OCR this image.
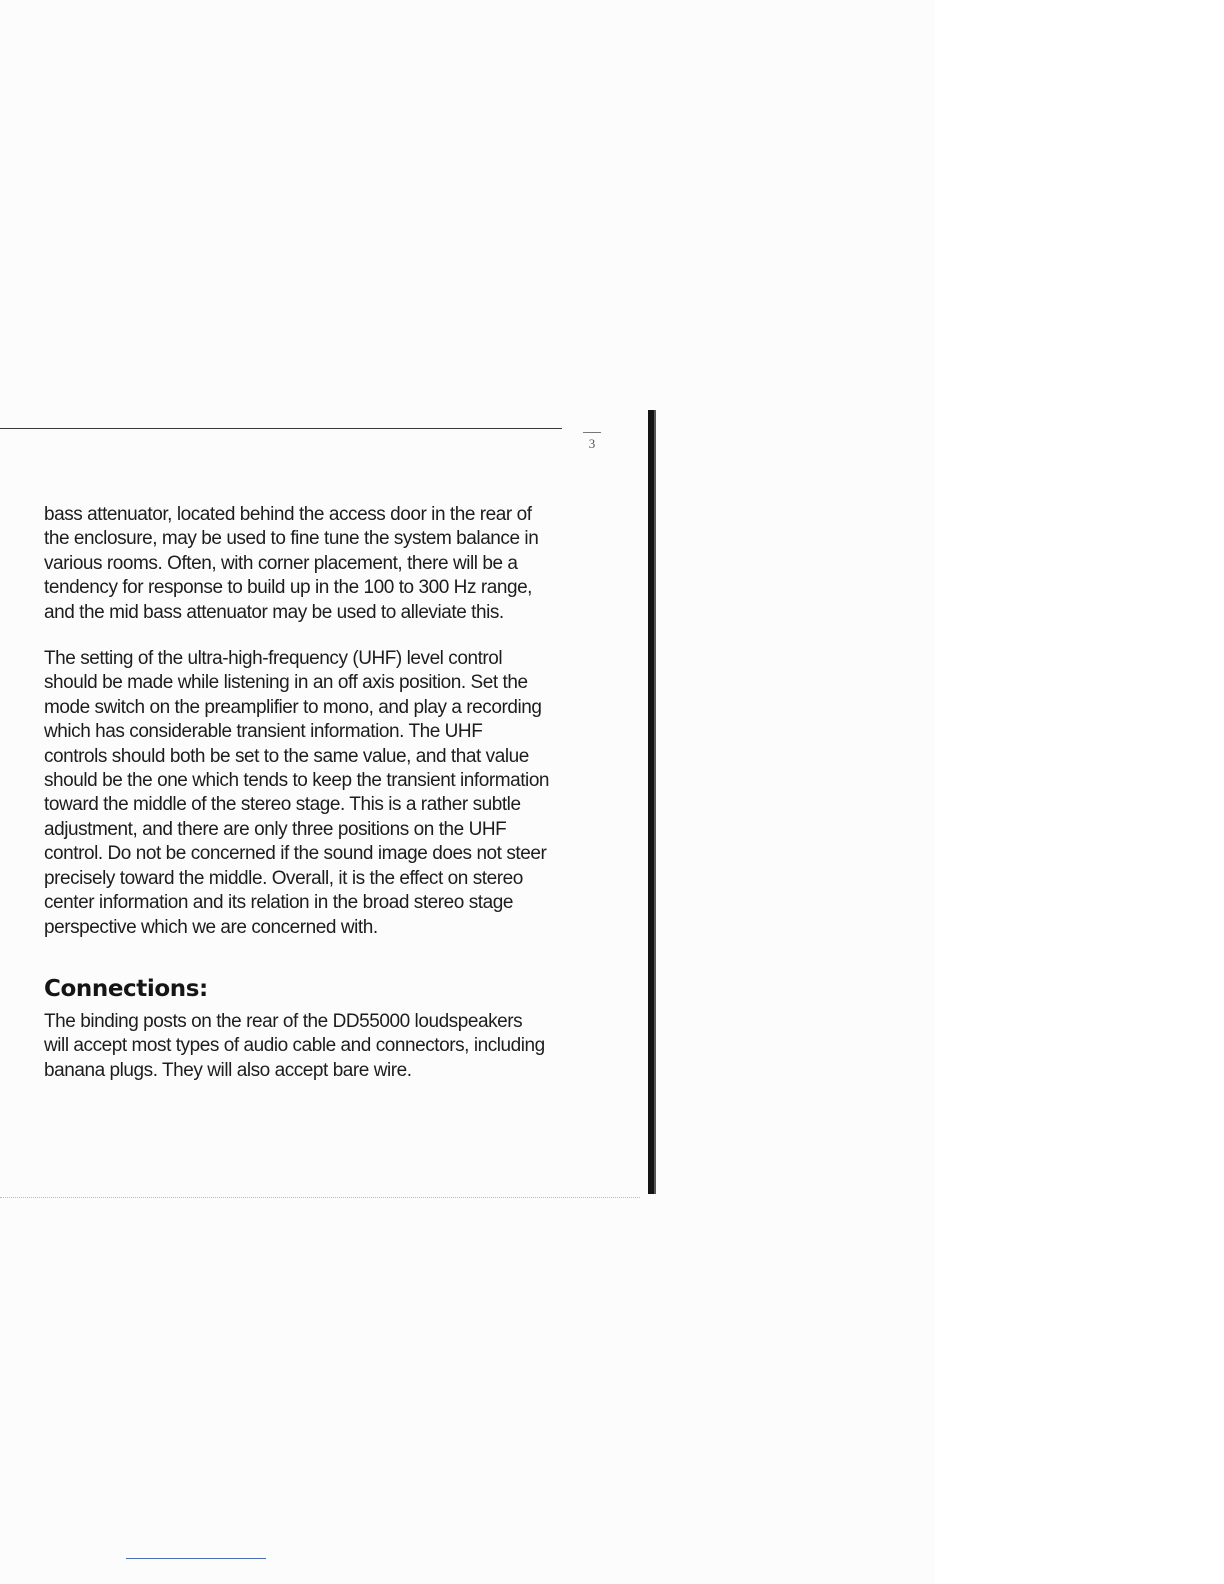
3

bass attenuator, located behind the access door in the rear of the enclosure, may be used to fine tune the system balance in various rooms. Often, with corner placement, there will be a tendency for response to build up in the 100 to 300 Hz range, and the mid bass attenuator may be used to alleviate this.

The setting of the ultra-high-frequency (UHF) level control should be made while listening in an off axis position. Set the mode switch on the preamplifier to mono, and play a recording which has considerable transient information. The UHF controls should both be set to the same value, and that value should be the one which tends to keep the transient information toward the middle of the stereo stage. This is a rather subtle adjustment, and there are only three positions on the UHF control. Do not be concerned if the sound image does not steer precisely toward the middle. Overall, it is the effect on stereo center information and its relation in the broad stereo stage perspective which we are concerned with.

Connections:

The binding posts on the rear of the DD55000 loudspeakers will accept most types of audio cable and connectors, including banana plugs. They will also accept bare wire.
